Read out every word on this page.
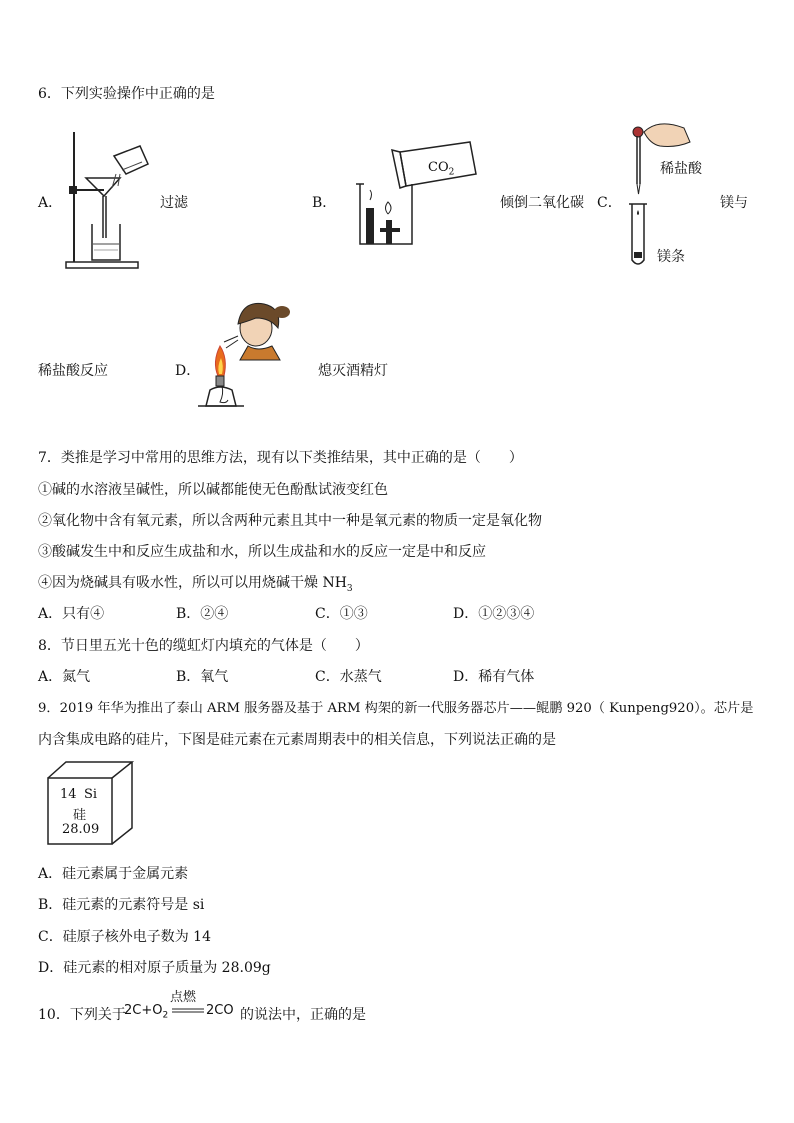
6．下列实验操作中正确的是
A．	过滤	B．
$CO_2$
倾倒二氧化碳 C．
稀盐酸
镁条
镁与
稀盐酸反应	D．	熄灭酒精灯
7．类推是学习中常用的思维方法，现有以下类推结果，其中正确的是（　　）
①碱的水溶液呈碱性，所以碱都能使无色酚酞试液变红色
②氧化物中含有氧元素，所以含两种元素且其中一种是氧元素的物质一定是氧化物
③酸碱发生中和反应生成盐和水，所以生成盐和水的反应一定是中和反应
④因为烧碱具有吸水性，所以可以用烧碱干燥 $NH_3$
A．只有④	B．②④	C．①③	D．①②③④
8．节日里五光十色的缆虹灯内填充的气体是（　　）
A．氮气	B．氧气	C．水蒸气	D．稀有气体
9．2019 年华为推出了泰山 ARM 服务器及基于 ARM 构架的新一代服务器芯片——鲲鹏 920（ Kunpeng920）。芯片是
内含集成电路的硅片，下图是硅元素在元素周期表中的相关信息，下列说法正确的是
14 Si
硅
28.09
A．硅元素属于金属元素
B．硅元素的元素符号是 si
C．硅原子核外电子数为 14
D．硅元素的相对原子质量为 28.09g
10．下列关于
$2C+O_2$
点燃
2CO 的说法中，正确的是
